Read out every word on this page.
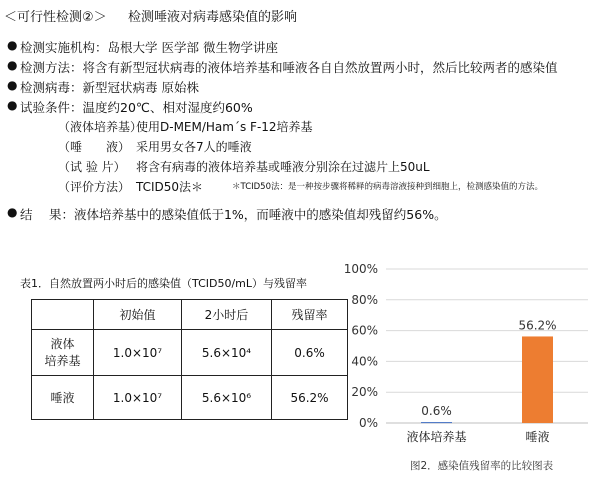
＜可行性检测②＞ 检测唾液对病毒感染值的影响
● 检测实施机构：岛根大学 医学部 微生物学讲座
● 检测方法：将含有新型冠状病毒的液体培养基和唾液各自自然放置两小时，然后比较两者的感染值
● 检测病毒：新型冠状病毒 原始株
● 试验条件：温度约20℃、相对湿度约60%
（液体培养基）使用D-MEM/Ham´s F-12培养基
（唾　　液） 采用男女各7人的唾液
（试 验 片） 将含有病毒的液体培养基或唾液分别涂在过滤片上50uL
（评价方法） TCID50法＊	＊TCID50法：是一种按步骤将稀释的病毒溶液接种到细胞上，检测感染值的方法。
● 结　 果：液体培养基中的感染值低于1%，而唾液中的感染值却残留约56%。
表1．自然放置两小时后的感染值（TCID50/mL）与残留率
	初始值	2小时后	残留率
液体
培养基	1.0×10⁷	5.6×10⁴	0.6%
唾液	1.0×10⁷	5.6×10⁶	56.2%
0%
20%
40%
60%
80%
100%
0.6%
液体培养基
56.2%
唾液
图2．感染值残留率的比较图表
